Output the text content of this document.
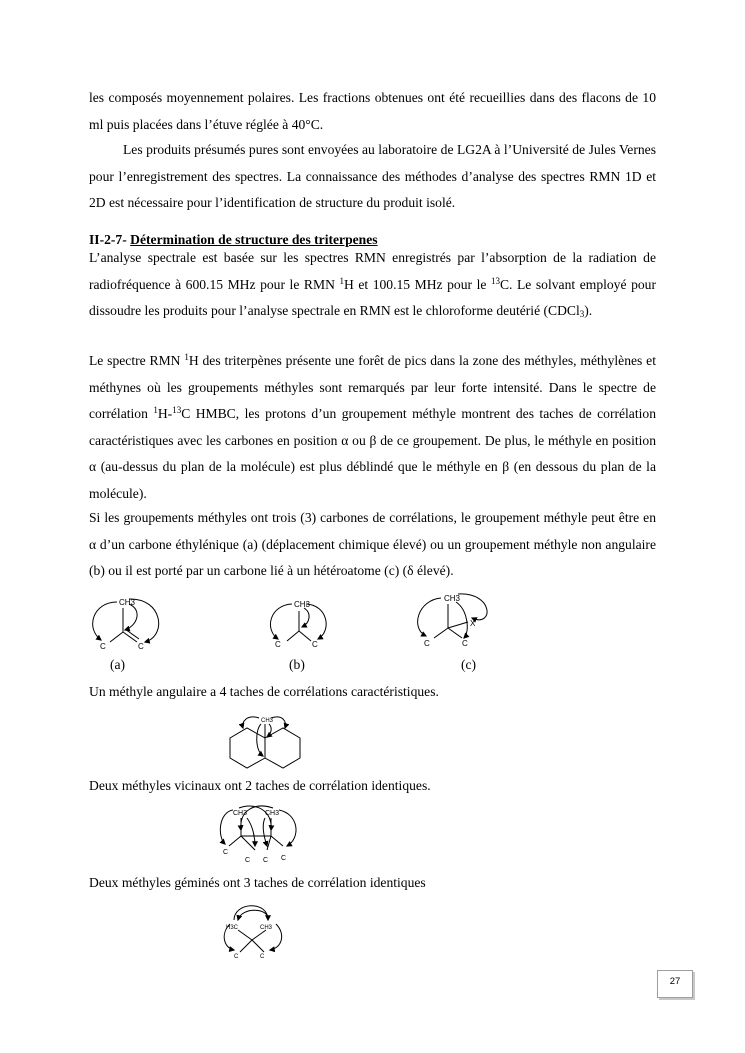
les composés moyennement polaires. Les fractions obtenues ont été recueillies dans des flacons de 10 ml puis placées dans l’étuve réglée à 40°C.
Les produits présumés pures sont envoyées au laboratoire de LG2A à l’Université de Jules Vernes pour l’enregistrement des spectres. La connaissance des méthodes d’analyse des spectres RMN 1D et 2D est nécessaire pour l’identification de structure du produit isolé.
II-2-7- Détermination de structure des triterpenes
L’analyse spectrale est basée sur les spectres RMN enregistrés par l’absorption de la radiation de radiofréquence à 600.15 MHz pour le RMN $^1$H et 100.15 MHz pour le $^{13}$C. Le solvant employé pour dissoudre les produits pour l’analyse spectrale en RMN est le chloroforme deutérié (CDCl$_3$).
Le spectre RMN $^1$H des triterpènes présente une forêt de pics dans la zone des méthyles, méthylènes et méthynes où les groupements méthyles sont remarqués par leur forte intensité. Dans le spectre de corrélation $^1$H-$^{13}$C HMBC, les protons d’un groupement méthyle montrent des taches de corrélation caractéristiques avec les carbones en position α ou β de ce groupement. De plus, le méthyle en position α (au-dessus du plan de la molécule) est plus déblindé que le méthyle en β (en dessous du plan de la molécule).
Si les groupements méthyles ont trois (3) carbones de corrélations, le groupement méthyle peut être en α d’un carbone éthylénique (a) (déplacement chimique élevé) ou un groupement méthyle non angulaire (b) ou il est porté par un carbone lié à un hétéroatome (c) (δ élevé).
CH3
C	C
CH3
C	C
CH3
X
C	C
(a)	(b)	(c)
Un méthyle angulaire a 4 taches de corrélations caractéristiques.
CH3
Deux méthyles vicinaux ont 2 taches de corrélation identiques.
CH3	CH3
C
C C C
Deux méthyles géminés ont 3 taches de corrélation identiques
H3C	CH3
C	C
27
